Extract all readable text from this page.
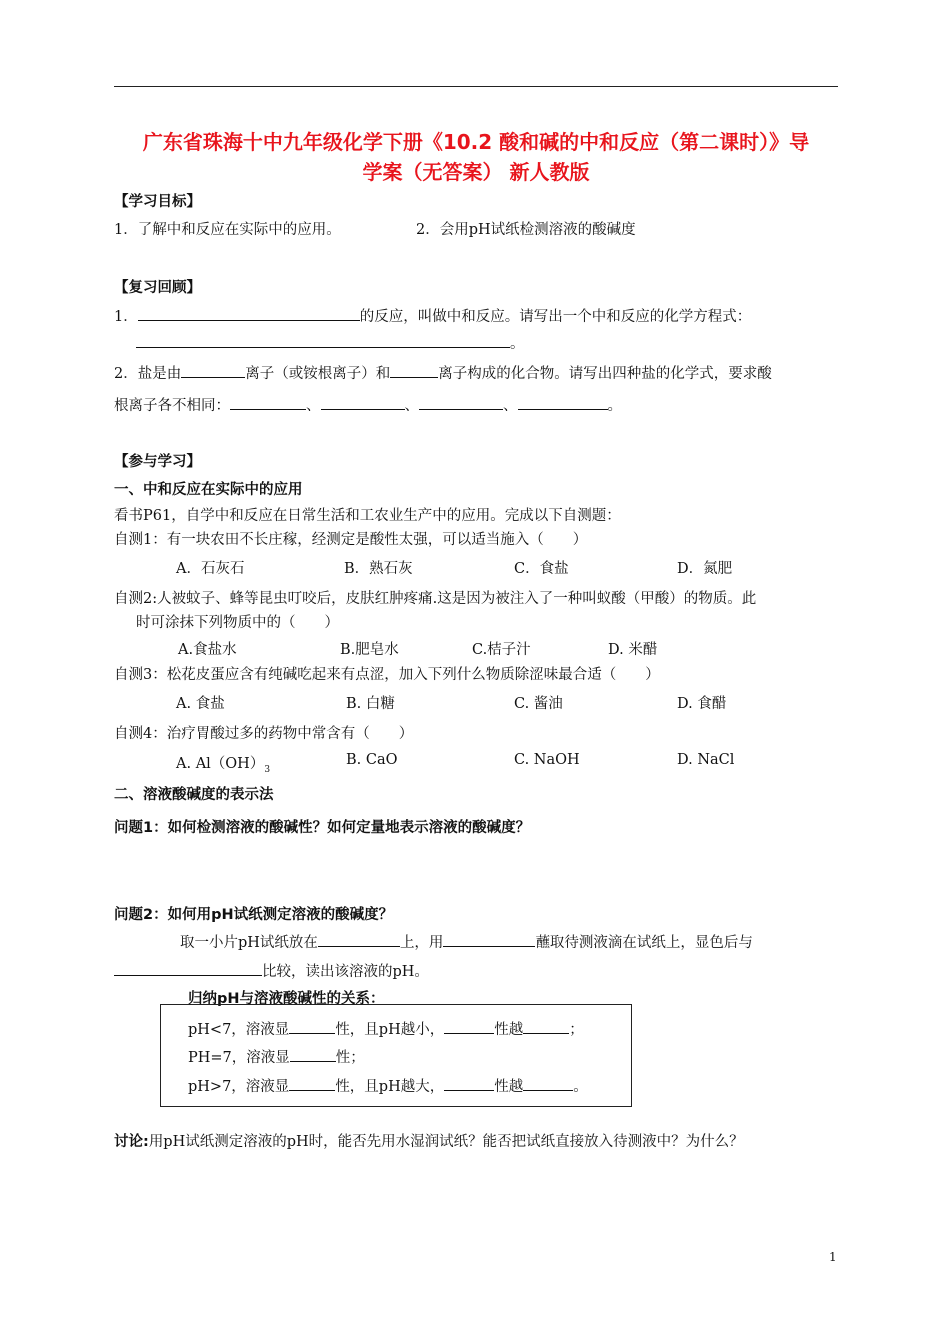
广东省珠海十中九年级化学下册《10.2 酸和碱的中和反应（第二课时）》导
学案（无答案） 新人教版
【学习目标】
1．了解中和反应在实际中的应用。	2．会用pH试纸检测溶液的酸碱度
【复习回顾】
1．	的反应，叫做中和反应。请写出一个中和反应的化学方程式：
。
2．盐是由	离子（或铵根离子）和	离子构成的化合物。请写出四种盐的化学式，要求酸
根离子各不相同：	、	、	、	。
【参与学习】
一、中和反应在实际中的应用
看书P61，自学中和反应在日常生活和工农业生产中的应用。完成以下自测题：
自测1：有一块农田不长庄稼，经测定是酸性太强，可以适当施入（　　）
A．石灰石	B．熟石灰	C．食盐	D．氮肥
自测2:人被蚊子、蜂等昆虫叮咬后，皮肤红肿疼痛.这是因为被注入了一种叫蚁酸（甲酸）的物质。此
时可涂抹下列物质中的（　　）
A.食盐水	B.肥皂水	C.桔子汁	D. 米醋
自测3：松花皮蛋应含有纯碱吃起来有点涩，加入下列什么物质除涩味最合适（　　）
A. 食盐	B. 白糖	C. 酱油	D. 食醋
自测4：治疗胃酸过多的药物中常含有（　　）
A. $Al(OH)_3$
B. CaO	C. NaOH	D. NaCl
二、溶液酸碱度的表示法
问题1：如何检测溶液的酸碱性？如何定量地表示溶液的酸碱度？
问题2：如何用pH试纸测定溶液的酸碱度？
取一小片pH试纸放在	上，用	蘸取待测液滴在试纸上，显色后与
比较，读出该溶液的pH。
归纳pH与溶液酸碱性的关系：
pH<7，溶液显	性，且pH越小，	性越	；
PH=7，溶液显	性；
pH>7，溶液显	性，且pH越大，	性越	。
讨论:用pH试纸测定溶液的pH时，能否先用水湿润试纸？能否把试纸直接放入待测液中？为什么？
1
